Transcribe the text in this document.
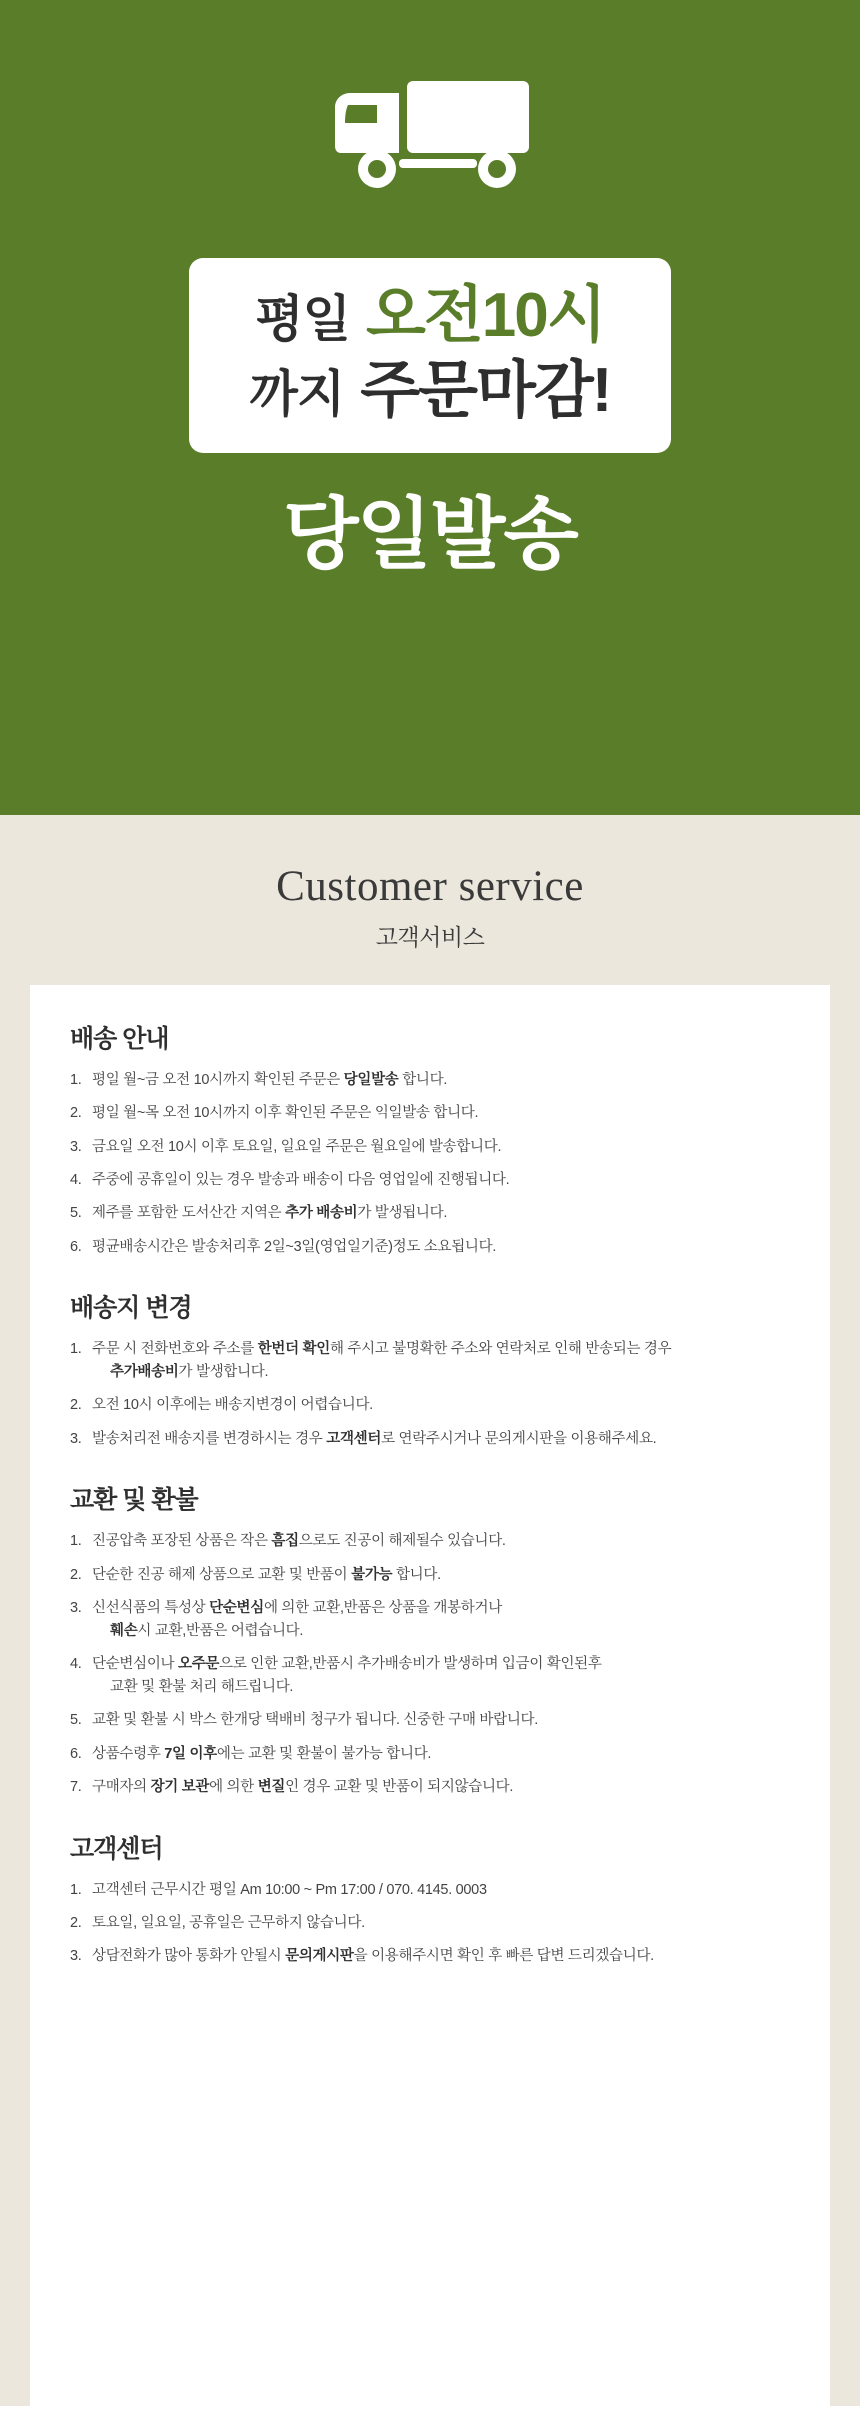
평일 오전10시
까지 주문마감!
당일발송
Customer service
고객서비스
배송 안내
1. 평일 월~금 오전 10시까지 확인된 주문은 당일발송 합니다.
2. 평일 월~목 오전 10시까지 이후 확인된 주문은 익일발송 합니다.
3. 금요일 오전 10시 이후 토요일, 일요일 주문은 월요일에 발송합니다.
4. 주중에 공휴일이 있는 경우 발송과 배송이 다음 영업일에 진행됩니다.
5. 제주를 포함한 도서산간 지역은 추가 배송비가 발생됩니다.
6. 평균배송시간은 발송처리후 2일~3일(영업일기준)정도 소요됩니다.
배송지 변경
1. 주문 시 전화번호와 주소를 한번더 확인해 주시고 불명확한 주소와 연락처로 인해 반송되는 경우
추가배송비가 발생합니다.
2. 오전 10시 이후에는 배송지변경이 어렵습니다.
3. 발송처리전 배송지를 변경하시는 경우 고객센터로 연락주시거나 문의게시판을 이용해주세요.
교환 및 환불
1. 진공압축 포장된 상품은 작은 흠집으로도 진공이 해제될수 있습니다.
2. 단순한 진공 해제 상품으로 교환 및 반품이 불가능 합니다.
3. 신선식품의 특성상 단순변심에 의한 교환,반품은 상품을 개봉하거나
훼손시 교환,반품은 어렵습니다.
4. 단순변심이나 오주문으로 인한 교환,반품시 추가배송비가 발생하며 입금이 확인된후
교환 및 환불 처리 해드립니다.
5. 교환 및 환불 시 박스 한개당 택배비 청구가 됩니다. 신중한 구매 바랍니다.
6. 상품수령후 7일 이후에는 교환 및 환불이 불가능 합니다.
7. 구매자의 장기 보관에 의한 변질인 경우 교환 및 반품이 되지않습니다.
고객센터
1. 고객센터 근무시간 평일 Am 10:00 ~ Pm 17:00 / 070. 4145. 0003
2. 토요일, 일요일, 공휴일은 근무하지 않습니다.
3. 상담전화가 많아 통화가 안될시 문의게시판을 이용해주시면 확인 후 빠른 답변 드리겠습니다.
